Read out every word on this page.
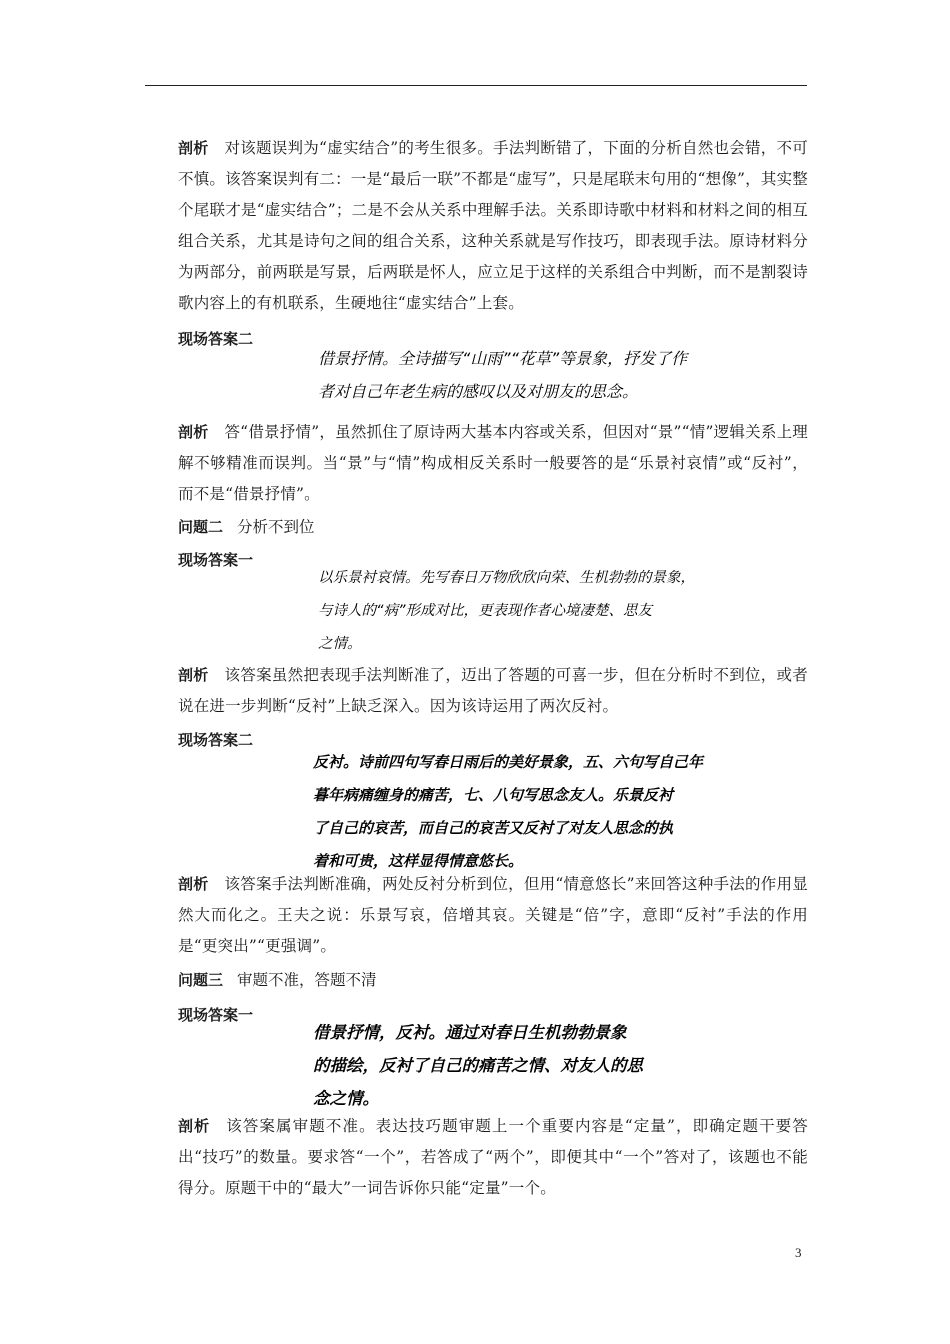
剖析 对该题误判为“虚实结合”的考生很多。手法判断错了，下面的分析自然也会错，不可不慎。该答案误判有二：一是“最后一联”不都是“虚写”，只是尾联末句用的“想像”，其实整个尾联才是“虚实结合”；二是不会从关系中理解手法。关系即诗歌中材料和材料之间的相互组合关系，尤其是诗句之间的组合关系，这种关系就是写作技巧，即表现手法。原诗材料分为两部分，前两联是写景，后两联是怀人，应立足于这样的关系组合中判断，而不是割裂诗歌内容上的有机联系，生硬地往“虚实结合”上套。
现场答案二
借景抒情。全诗描写“山雨”“花草”等景象，抒发了作
者对自己年老生病的感叹以及对朋友的思念。
剖析 答“借景抒情”，虽然抓住了原诗两大基本内容或关系，但因对“景”“情”逻辑关系上理解不够精准而误判。当“景”与“情”构成相反关系时一般要答的是“乐景衬哀情”或“反衬”，而不是“借景抒情”。
问题二 分析不到位
现场答案一
以乐景衬哀情。先写春日万物欣欣向荣、生机勃勃的景象，
与诗人的“病”形成对比，更表现作者心境凄楚、思友
之情。
剖析 该答案虽然把表现手法判断准了，迈出了答题的可喜一步，但在分析时不到位，或者说在进一步判断“反衬”上缺乏深入。因为该诗运用了两次反衬。
现场答案二
反衬。诗前四句写春日雨后的美好景象，五、六句写自己年
暮年病痛缠身的痛苦，七、八句写思念友人。乐景反衬
了自己的哀苦，而自己的哀苦又反衬了对友人思念的执
着和可贵，这样显得情意悠长。
剖析 该答案手法判断准确，两处反衬分析到位，但用“情意悠长”来回答这种手法的作用显然大而化之。王夫之说：乐景写哀，倍增其哀。关键是“倍”字，意即“反衬”手法的作用是“更突出”“更强调”。
问题三 审题不准，答题不清
现场答案一
借景抒情，反衬。通过对春日生机勃勃景象
的描绘，反衬了自己的痛苦之情、对友人的思
念之情。
剖析 该答案属审题不准。表达技巧题审题上一个重要内容是“定量”，即确定题干要答出“技巧”的数量。要求答“一个”，若答成了“两个”，即便其中“一个”答对了，该题也不能得分。原题干中的“最大”一词告诉你只能“定量”一个。
3
